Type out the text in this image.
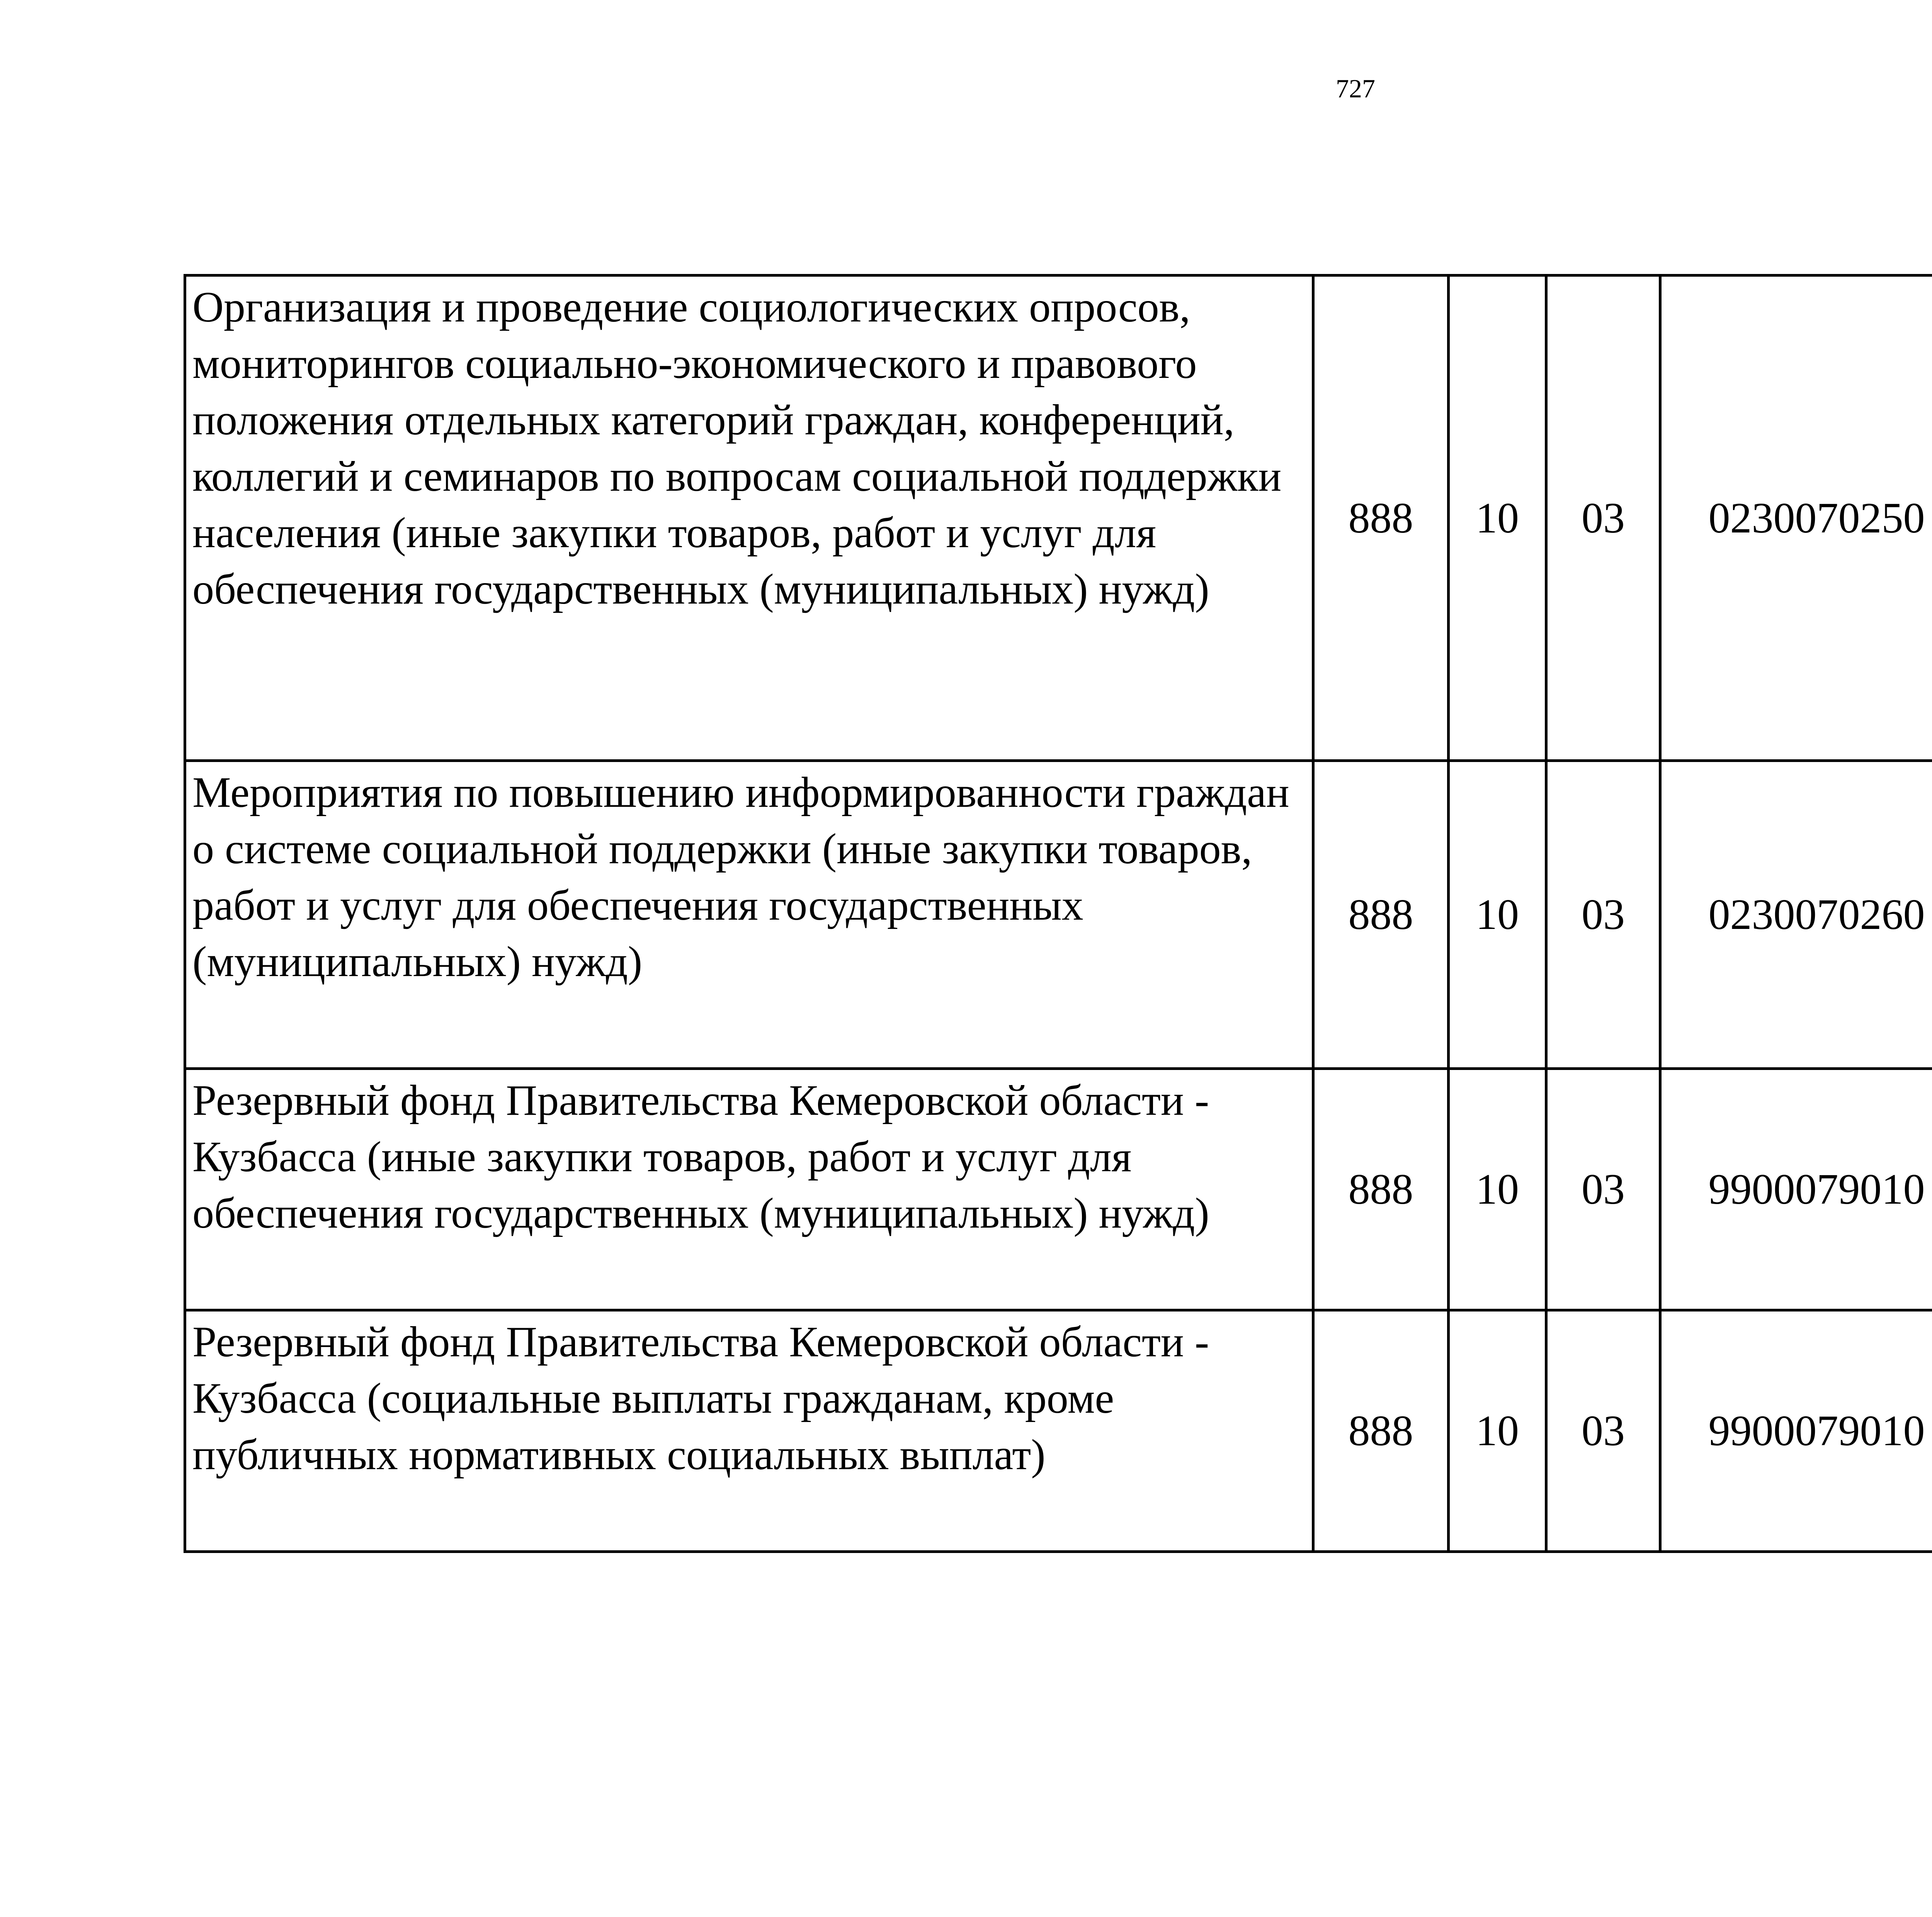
727
Организация и проведение социологических опросов, мониторингов социально-экономического и правового положения отдельных категорий граждан, конференций, коллегий и семинаров по вопросам социальной поддержки населения (иные закупки товаров, работ и услуг для обеспечения государственных (муниципальных) нужд)	888	10	03	0230070250		
Мероприятия по повышению информированности граждан о системе социальной поддержки (иные закупки товаров, работ и услуг для обеспечения государственных (муниципальных) нужд)	888	10	03	0230070260		
Резервный фонд Правительства Кемеровской области - Кузбасса (иные закупки товаров, работ и услуг для обеспечения государственных (муниципальных) нужд)	888	10	03	9900079010		
Резервный фонд Правительства Кемеровской области - Кузбасса (социальные выплаты гражданам, кроме публичных нормативных социальных выплат)	888	10	03	9900079010		
